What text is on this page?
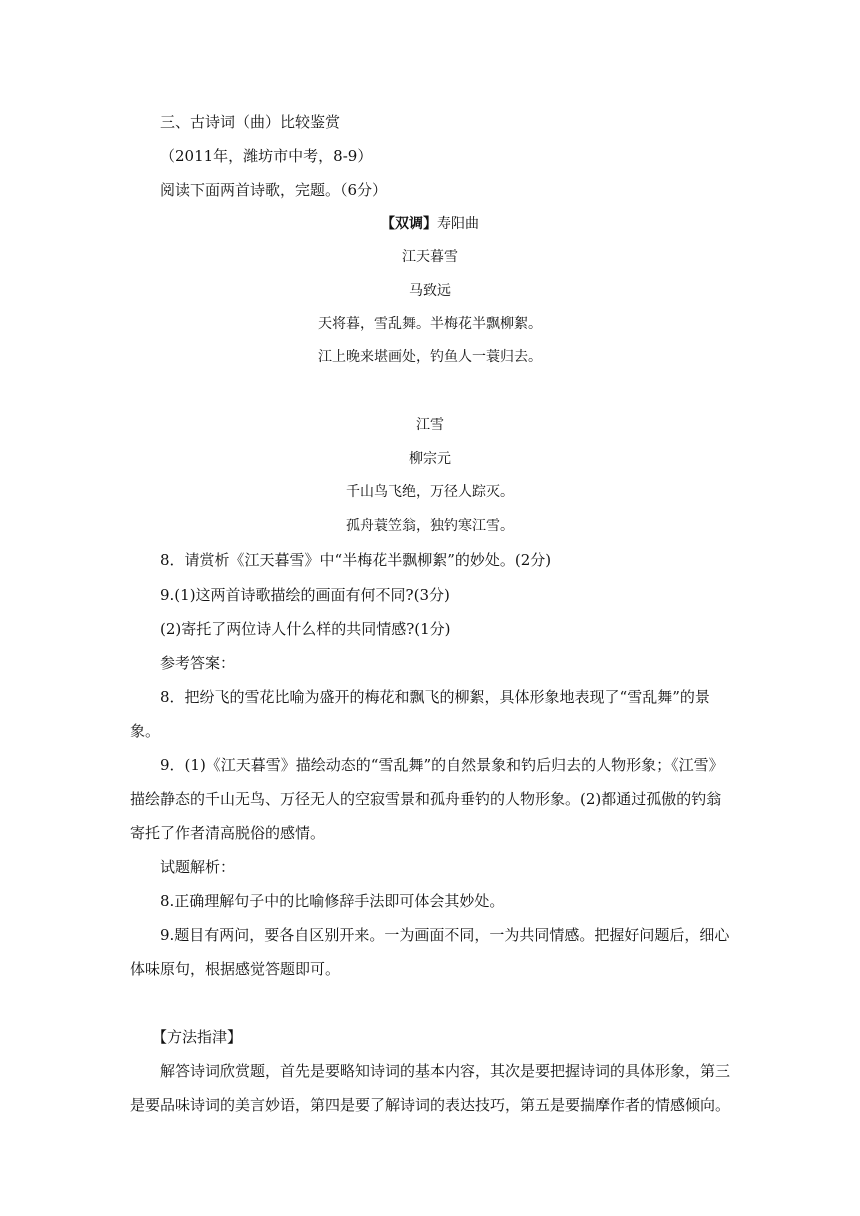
三、古诗词（曲）比较鉴赏
（2011年，潍坊市中考，8-9）
阅读下面两首诗歌，完题。（6分）
【双调】寿阳曲
江天暮雪
马致远
天将暮，雪乱舞。半梅花半飘柳絮。
江上晚来堪画处，钓鱼人一蓑归去。
江雪
柳宗元
千山鸟飞绝，万径人踪灭。
孤舟蓑笠翁，独钓寒江雪。
8．请赏析《江天暮雪》中“半梅花半飘柳絮”的妙处。(2分)
9.(1)这两首诗歌描绘的画面有何不同?(3分)
(2)寄托了两位诗人什么样的共同情感?(1分)
参考答案：
8．把纷飞的雪花比喻为盛开的梅花和飘飞的柳絮，具体形象地表现了“雪乱舞”的景
象。
9．(1)《江天暮雪》描绘动态的“雪乱舞”的自然景象和钓后归去的人物形象；《江雪》
描绘静态的千山无鸟、万径无人的空寂雪景和孤舟垂钓的人物形象。(2)都通过孤傲的钓翁
寄托了作者清高脱俗的感情。
试题解析：
8.正确理解句子中的比喻修辞手法即可体会其妙处。
9.题目有两问，要各自区别开来。一为画面不同，一为共同情感。把握好问题后，细心
体味原句，根据感觉答题即可。
【方法指津】
解答诗词欣赏题，首先是要略知诗词的基本内容，其次是要把握诗词的具体形象，第三
是要品味诗词的美言妙语，第四是要了解诗词的表达技巧，第五是要揣摩作者的情感倾向。
